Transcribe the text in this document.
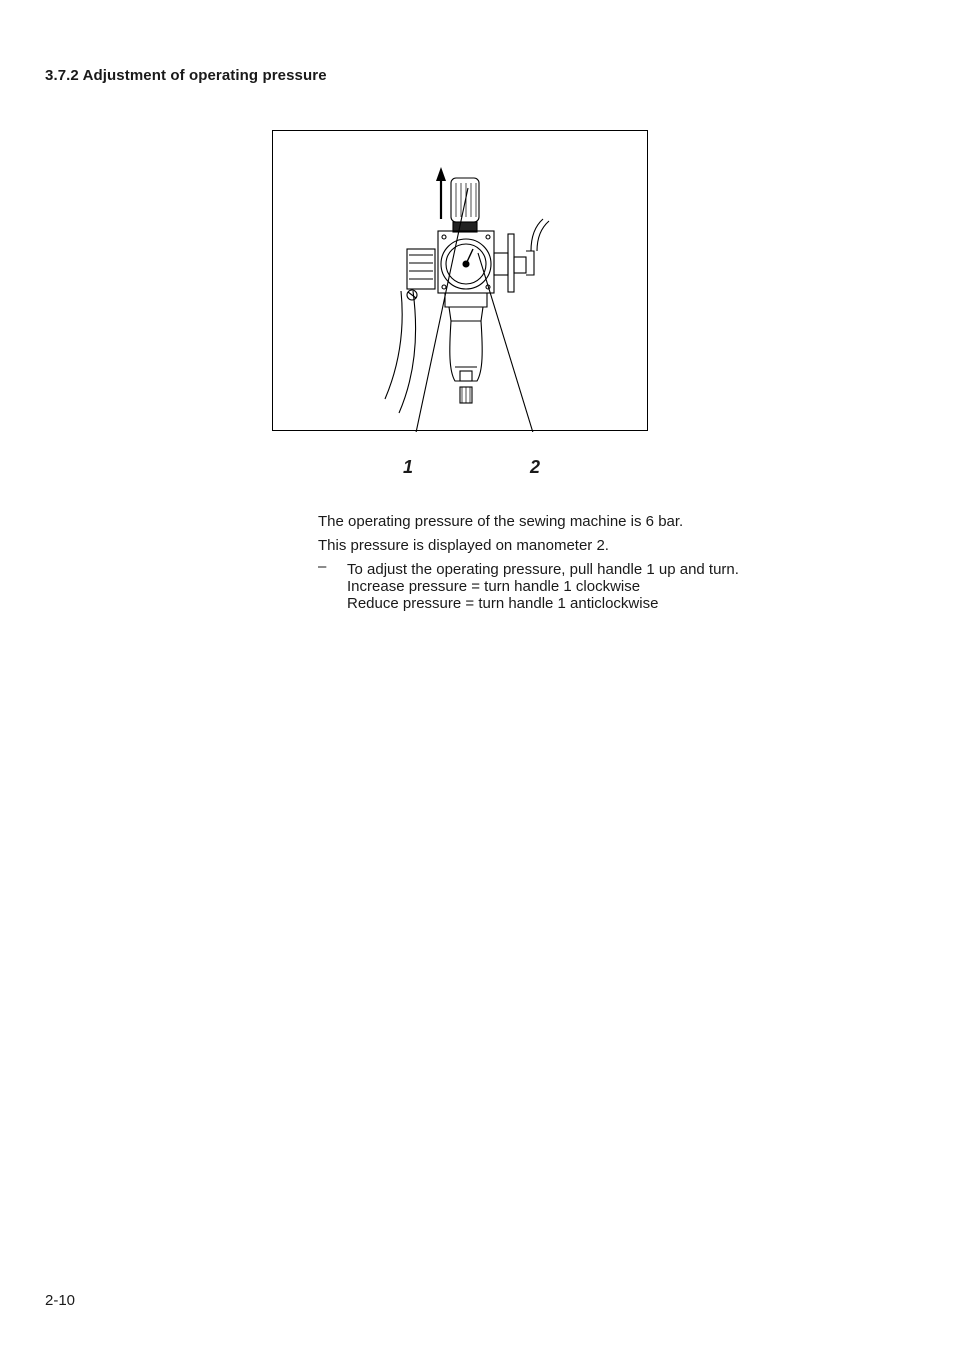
3.7.2 Adjustment of operating pressure
1	2
The operating pressure of the sewing machine is 6 bar.
This pressure is displayed on manometer 2.
– To adjust the operating pressure, pull handle 1 up and turn.
Increase pressure = turn handle 1 clockwise
Reduce pressure = turn handle 1 anticlockwise
2-10
